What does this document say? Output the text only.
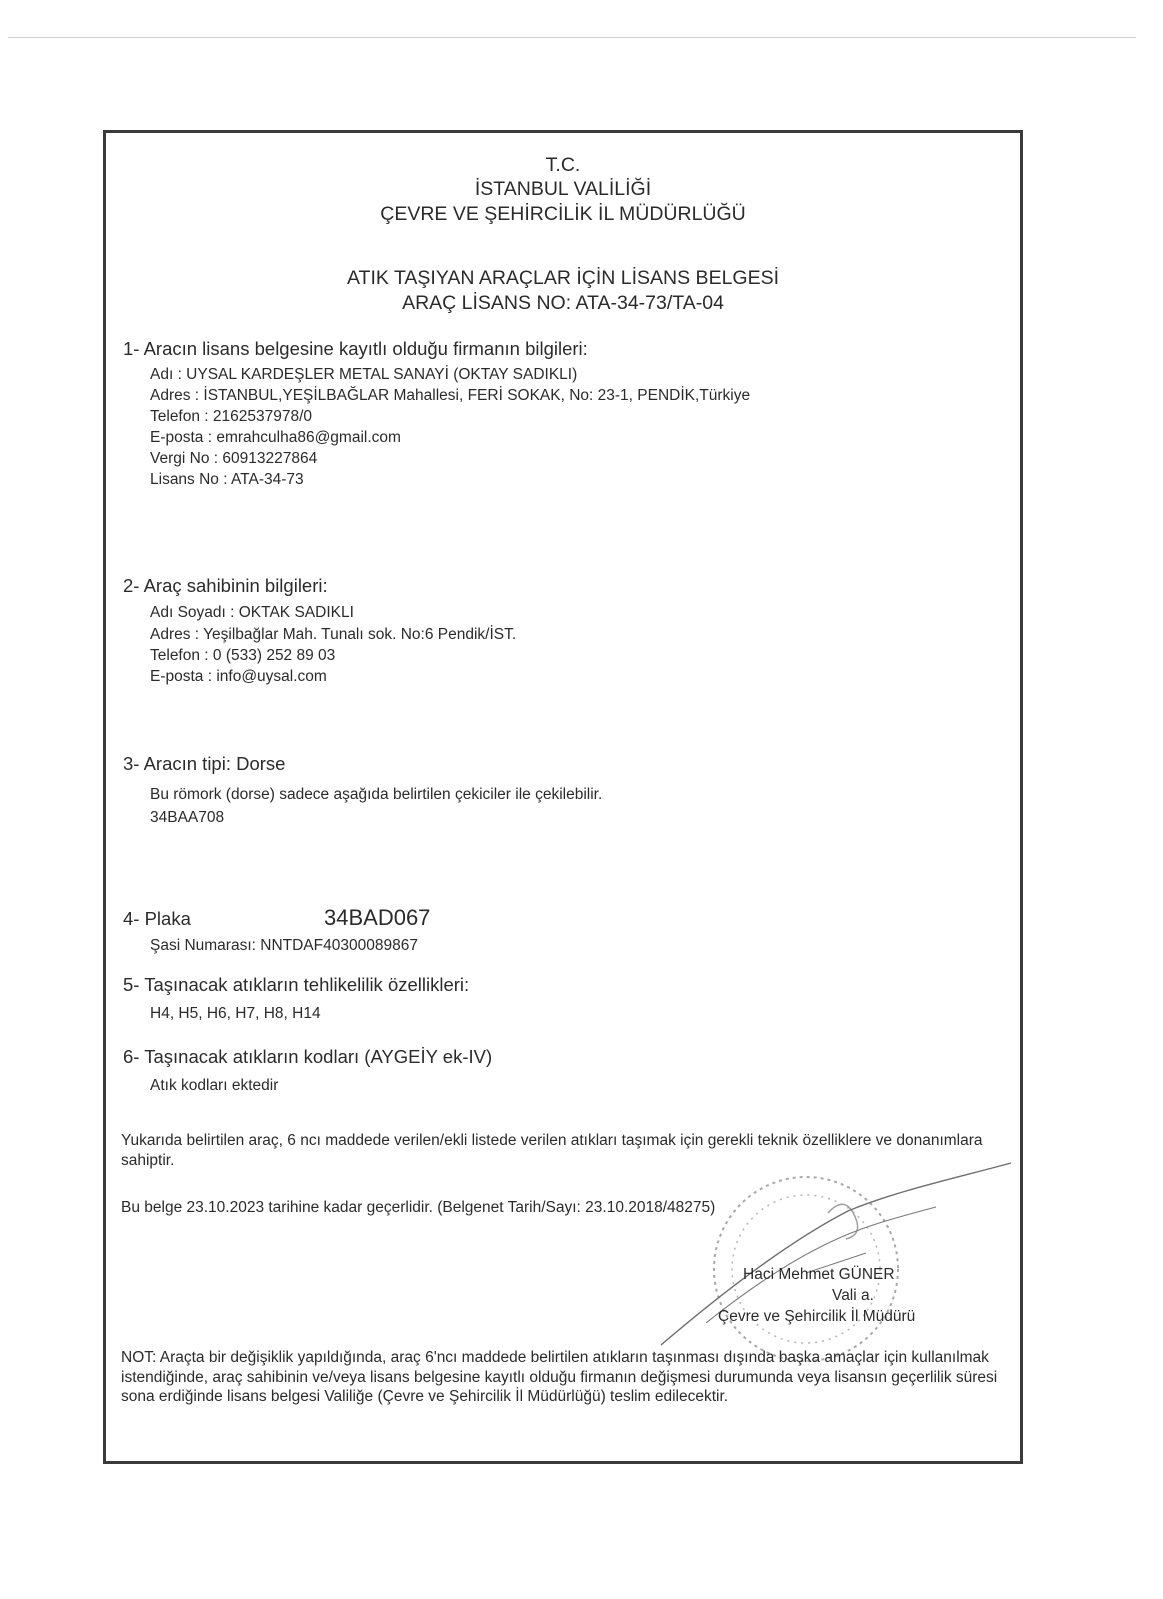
T.C.
İSTANBUL VALİLİĞİ
ÇEVRE VE ŞEHİRCİLİK İL MÜDÜRLÜĞÜ
ATIK TAŞIYAN ARAÇLAR İÇİN LİSANS BELGESİ
ARAÇ LİSANS NO: ATA-34-73/TA-04
1- Aracın lisans belgesine kayıtlı olduğu firmanın bilgileri:
Adı : UYSAL KARDEŞLER METAL SANAYİ (OKTAY SADIKLI)
Adres : İSTANBUL,YEŞİLBAĞLAR Mahallesi, FERİ SOKAK, No: 23-1, PENDİK,Türkiye
Telefon : 2162537978/0
E-posta : emrahculha86@gmail.com
Vergi No : 60913227864
Lisans No : ATA-34-73
2- Araç sahibinin bilgileri:
Adı Soyadı : OKTAK SADIKLI
Adres : Yeşilbağlar Mah. Tunalı sok. No:6 Pendik/İST.
Telefon : 0 (533) 252 89 03
E-posta : info@uysal.com
3- Aracın tipi: Dorse
Bu römork (dorse) sadece aşağıda belirtilen çekiciler ile çekilebilir.
34BAA708
4- Plaka	34BAD067
Şasi Numarası: NNTDAF40300089867
5- Taşınacak atıkların tehlikelilik özellikleri:
H4, H5, H6, H7, H8, H14
6- Taşınacak atıkların kodları (AYGEİY ek-IV)
Atık kodları ektedir
Yukarıda belirtilen araç, 6 ncı maddede verilen/ekli listede verilen atıkları taşımak için gerekli teknik özelliklere ve donanımlara sahiptir.
Bu belge 23.10.2023 tarihine kadar geçerlidir. (Belgenet Tarih/Sayı: 23.10.2018/48275)
Haci Mehmet GÜNER
Vali a.
Çevre ve Şehircilik İl Müdürü
NOT: Araçta bir değişiklik yapıldığında, araç 6'ncı maddede belirtilen atıkların taşınması dışında başka amaçlar için kullanılmak istendiğinde, araç sahibinin ve/veya lisans belgesine kayıtlı olduğu firmanın değişmesi durumunda veya lisansın geçerlilik süresi sona erdiğinde lisans belgesi Valiliğe (Çevre ve Şehircilik İl Müdürlüğü) teslim edilecektir.
